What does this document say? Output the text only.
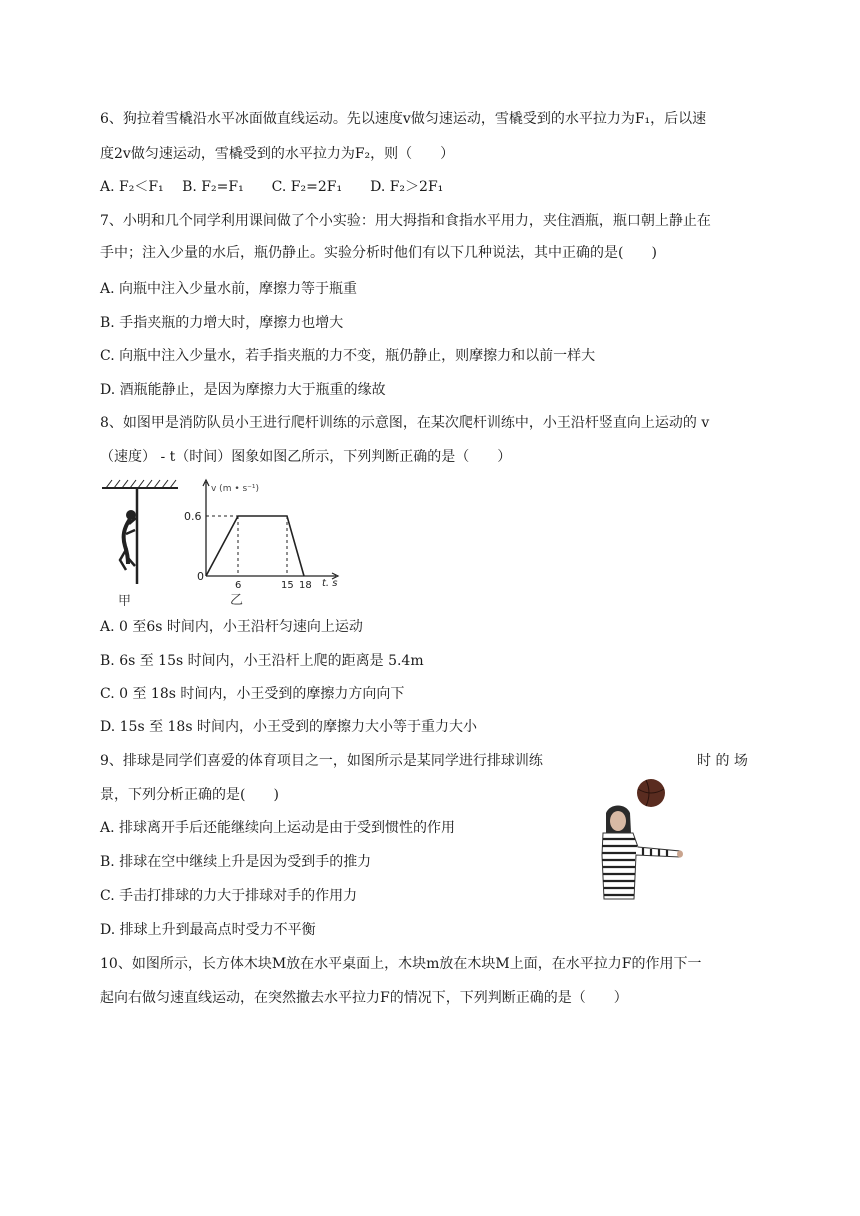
6、狗拉着雪橇沿水平冰面做直线运动。先以速度v做匀速运动，雪橇受到的水平拉力为F₁，后以速
度2v做匀速运动，雪橇受到的水平拉力为F₂，则（　　）
A. F₂＜F₁　 B. F₂=F₁　　C. F₂=2F₁　　D. F₂＞2F₁
7、小明和几个同学利用课间做了个小实验：用大拇指和食指水平用力，夹住酒瓶，瓶口朝上静止在
手中；注入少量的水后，瓶仍静止。实验分析时他们有以下几种说法，其中正确的是(　　)
A. 向瓶中注入少量水前，摩擦力等于瓶重
B. 手指夹瓶的力增大时，摩擦力也增大
C. 向瓶中注入少量水，若手指夹瓶的力不变，瓶仍静止，则摩擦力和以前一样大
D. 酒瓶能静止，是因为摩擦力大于瓶重的缘故
8、如图甲是消防队员小王进行爬杆训练的示意图，在某次爬杆训练中，小王沿杆竖直向上运动的 v
（速度） - t（时间）图象如图乙所示，下列判断正确的是（　　）
甲
v (m • s⁻¹)
0.6
0
6	15 18 t. s
乙
A. 0 至6s 时间内，小王沿杆匀速向上运动
B. 6s 至 15s 时间内，小王沿杆上爬的距离是 5.4m
C. 0 至 18s 时间内，小王受到的摩擦力方向向下
D. 15s 至 18s 时间内，小王受到的摩擦力大小等于重力大小
9、排球是同学们喜爱的体育项目之一，如图所示是某同学进行排球训练	时 的 场
景，下列分析正确的是(　　)
A. 排球离开手后还能继续向上运动是由于受到惯性的作用
B. 排球在空中继续上升是因为受到手的推力
C. 手击打排球的力大于排球对手的作用力
D. 排球上升到最高点时受力不平衡
10、如图所示，长方体木块M放在水平桌面上，木块m放在木块M上面，在水平拉力F的作用下一
起向右做匀速直线运动，在突然撤去水平拉力F的情况下，下列判断正确的是（　　）
